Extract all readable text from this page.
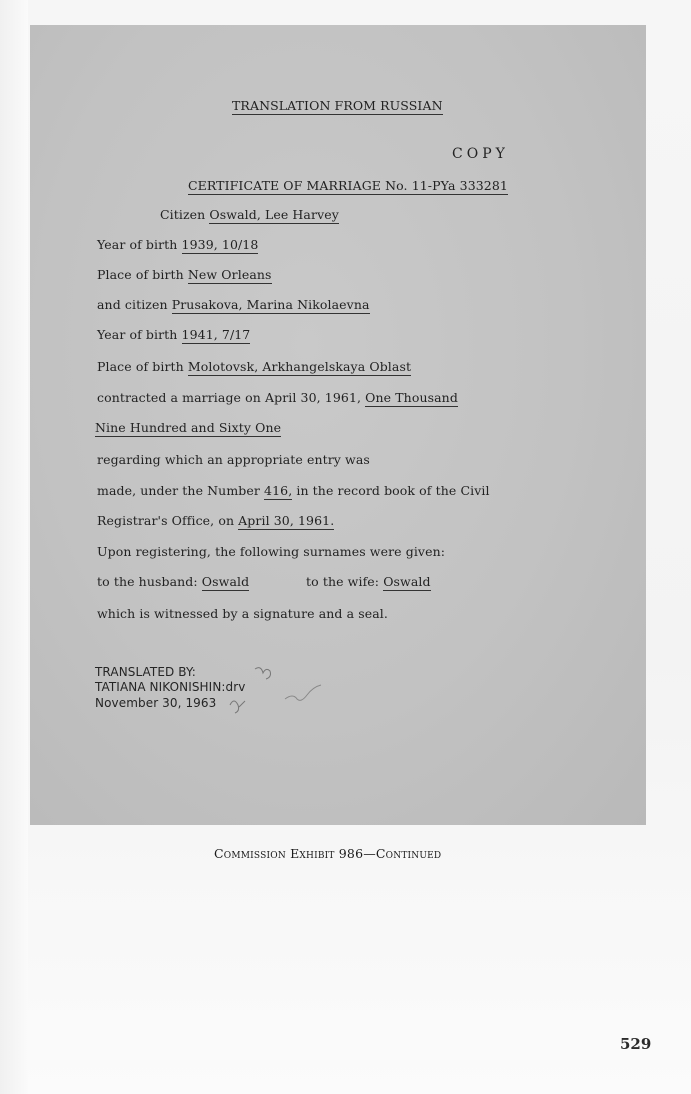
TRANSLATION FROM RUSSIAN
COPY
CERTIFICATE OF MARRIAGE No. 11-PYa 333281
Citizen Oswald, Lee Harvey
Year of birth 1939, 10/18
Place of birth New Orleans
and citizen Prusakova, Marina Nikolaevna
Year of birth 1941, 7/17
Place of birth Molotovsk, Arkhangelskaya Oblast
contracted a marriage on April 30, 1961, One Thousand
Nine Hundred and Sixty One
regarding which an appropriate entry was
made, under the Number 416, in the record book of the Civil
Registrar's Office, on April 30, 1961.
Upon registering, the following surnames were given:
to the husband: Oswald	to the wife: Oswald
which is witnessed by a signature and a seal.
TRANSLATED BY:
TATIANA NIKONISHIN:drv
November 30, 1963
Commission Exhibit 986—Continued
529
